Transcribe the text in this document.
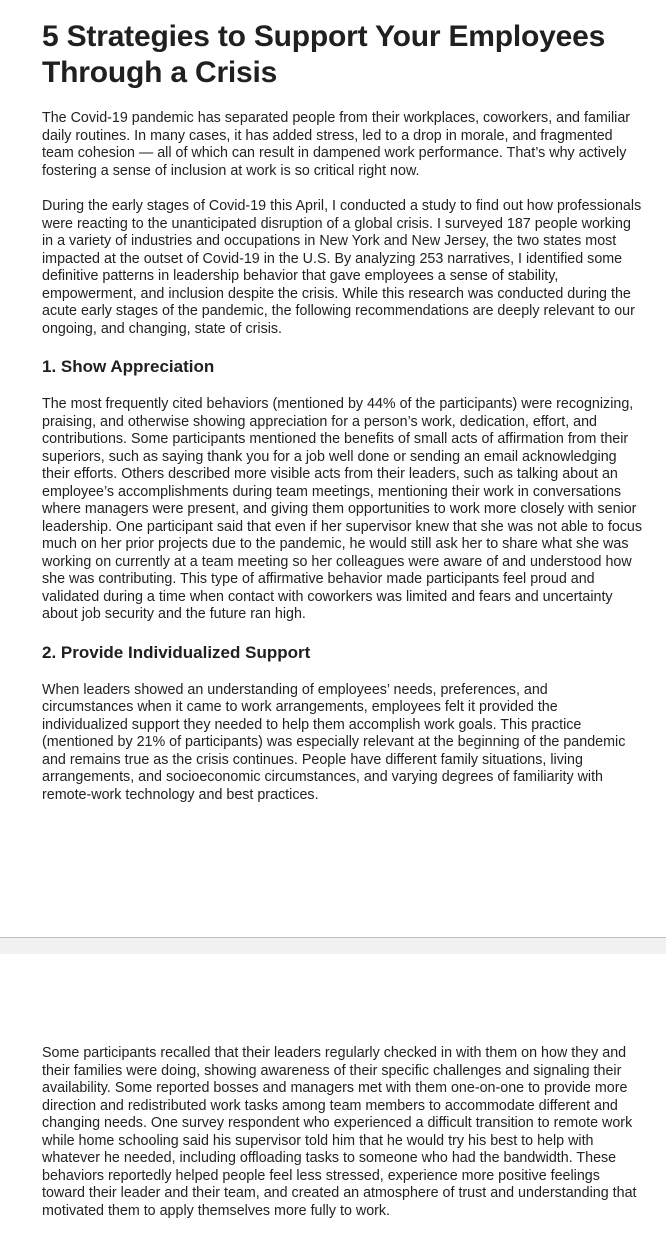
5 Strategies to Support Your Employees Through a Crisis

The Covid-19 pandemic has separated people from their workplaces, coworkers, and familiar daily routines. In many cases, it has added stress, led to a drop in morale, and fragmented team cohesion — all of which can result in dampened work performance. That’s why actively fostering a sense of inclusion at work is so critical right now.

During the early stages of Covid-19 this April, I conducted a study to find out how professionals were reacting to the unanticipated disruption of a global crisis. I surveyed 187 people working in a variety of industries and occupations in New York and New Jersey, the two states most impacted at the outset of Covid-19 in the U.S. By analyzing 253 narratives, I identified some definitive patterns in leadership behavior that gave employees a sense of stability, empowerment, and inclusion despite the crisis. While this research was conducted during the acute early stages of the pandemic, the following recommendations are deeply relevant to our ongoing, and changing, state of crisis.

1. Show Appreciation

The most frequently cited behaviors (mentioned by 44% of the participants) were recognizing, praising, and otherwise showing appreciation for a person’s work, dedication, effort, and contributions. Some participants mentioned the benefits of small acts of affirmation from their superiors, such as saying thank you for a job well done or sending an email acknowledging their efforts. Others described more visible acts from their leaders, such as talking about an employee’s accomplishments during team meetings, mentioning their work in conversations where managers were present, and giving them opportunities to work more closely with senior leadership. One participant said that even if her supervisor knew that she was not able to focus much on her prior projects due to the pandemic, he would still ask her to share what she was working on currently at a team meeting so her colleagues were aware of and understood how she was contributing. This type of affirmative behavior made participants feel proud and validated during a time when contact with coworkers was limited and fears and uncertainty about job security and the future ran high.

2. Provide Individualized Support

When leaders showed an understanding of employees’ needs, preferences, and circumstances when it came to work arrangements, employees felt it provided the individualized support they needed to help them accomplish work goals. This practice (mentioned by 21% of participants) was especially relevant at the beginning of the pandemic and remains true as the crisis continues. People have different family situations, living arrangements, and socioeconomic circumstances, and varying degrees of familiarity with remote-work technology and best practices.

Some participants recalled that their leaders regularly checked in with them on how they and their families were doing, showing awareness of their specific challenges and signaling their availability. Some reported bosses and managers met with them one-on-one to provide more direction and redistributed work tasks among team members to accommodate different and changing needs. One survey respondent who experienced a difficult transition to remote work while home schooling said his supervisor told him that he would try his best to help with whatever he needed, including offloading tasks to someone who had the bandwidth. These behaviors reportedly helped people feel less stressed, experience more positive feelings toward their leader and their team, and created an atmosphere of trust and understanding that motivated them to apply themselves more fully to work.
